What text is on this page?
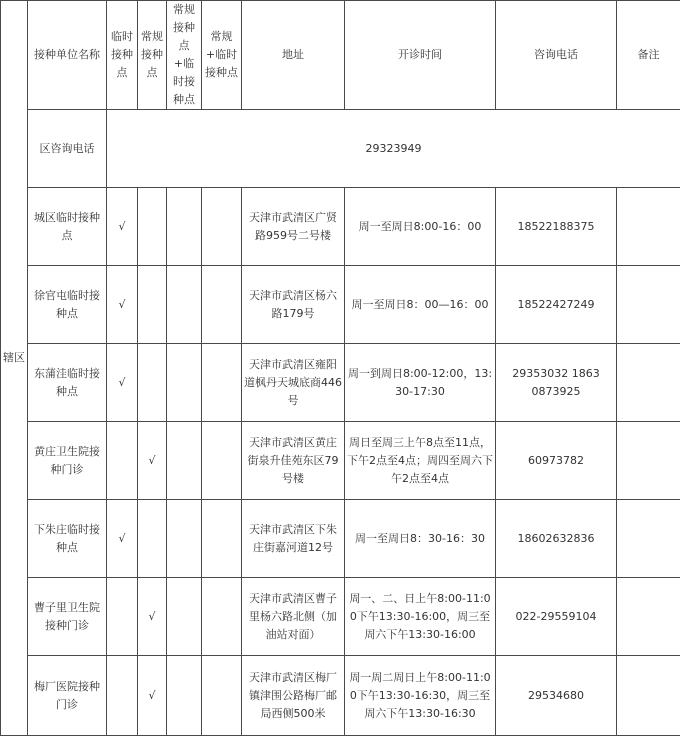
辖区	接种单位名称	临时接种点	常规接种点	常规接种点+临时接种点	常规+临时接种点	地址	开诊时间	咨询电话	备注
	区咨询电话	29323949							
	城区临时接种点	√				天津市武清区广贤路959号二号楼	周一至周日8:00-16：00	18522188375	
	徐官屯临时接种点	√				天津市武清区杨六路179号	周一至周日8：00—16：00	18522427249	
	东蒲洼临时接种点	√				天津市武清区雍阳道枫丹天城底商446号	周一到周日8:00-12:00，13:30-17:30	29353032 18630873925	
	黄庄卫生院接种门诊		√			天津市武清区黄庄街泉升佳苑东区79号楼	周日至周三上午8点至11点，下午2点至4点；周四至周六下午2点至4点	60973782	
	下朱庄临时接种点	√				天津市武清区下朱庄街嘉河道12号	周一至周日8：30-16：30	18602632836	
	曹子里卫生院接种门诊		√			天津市武清区曹子里杨六路北侧（加油站对面）	周一、二、日上午8:00-11:00下午13:30-16:00，周三至周六下午13:30-16:00	022-29559104	
	梅厂医院接种门诊		√			天津市武清区梅厂镇津围公路梅厂邮局西侧500米	周一周二周日上午8:00-11:00下午13:30-16:30，周三至周六下午13:30-16:30	29534680	
